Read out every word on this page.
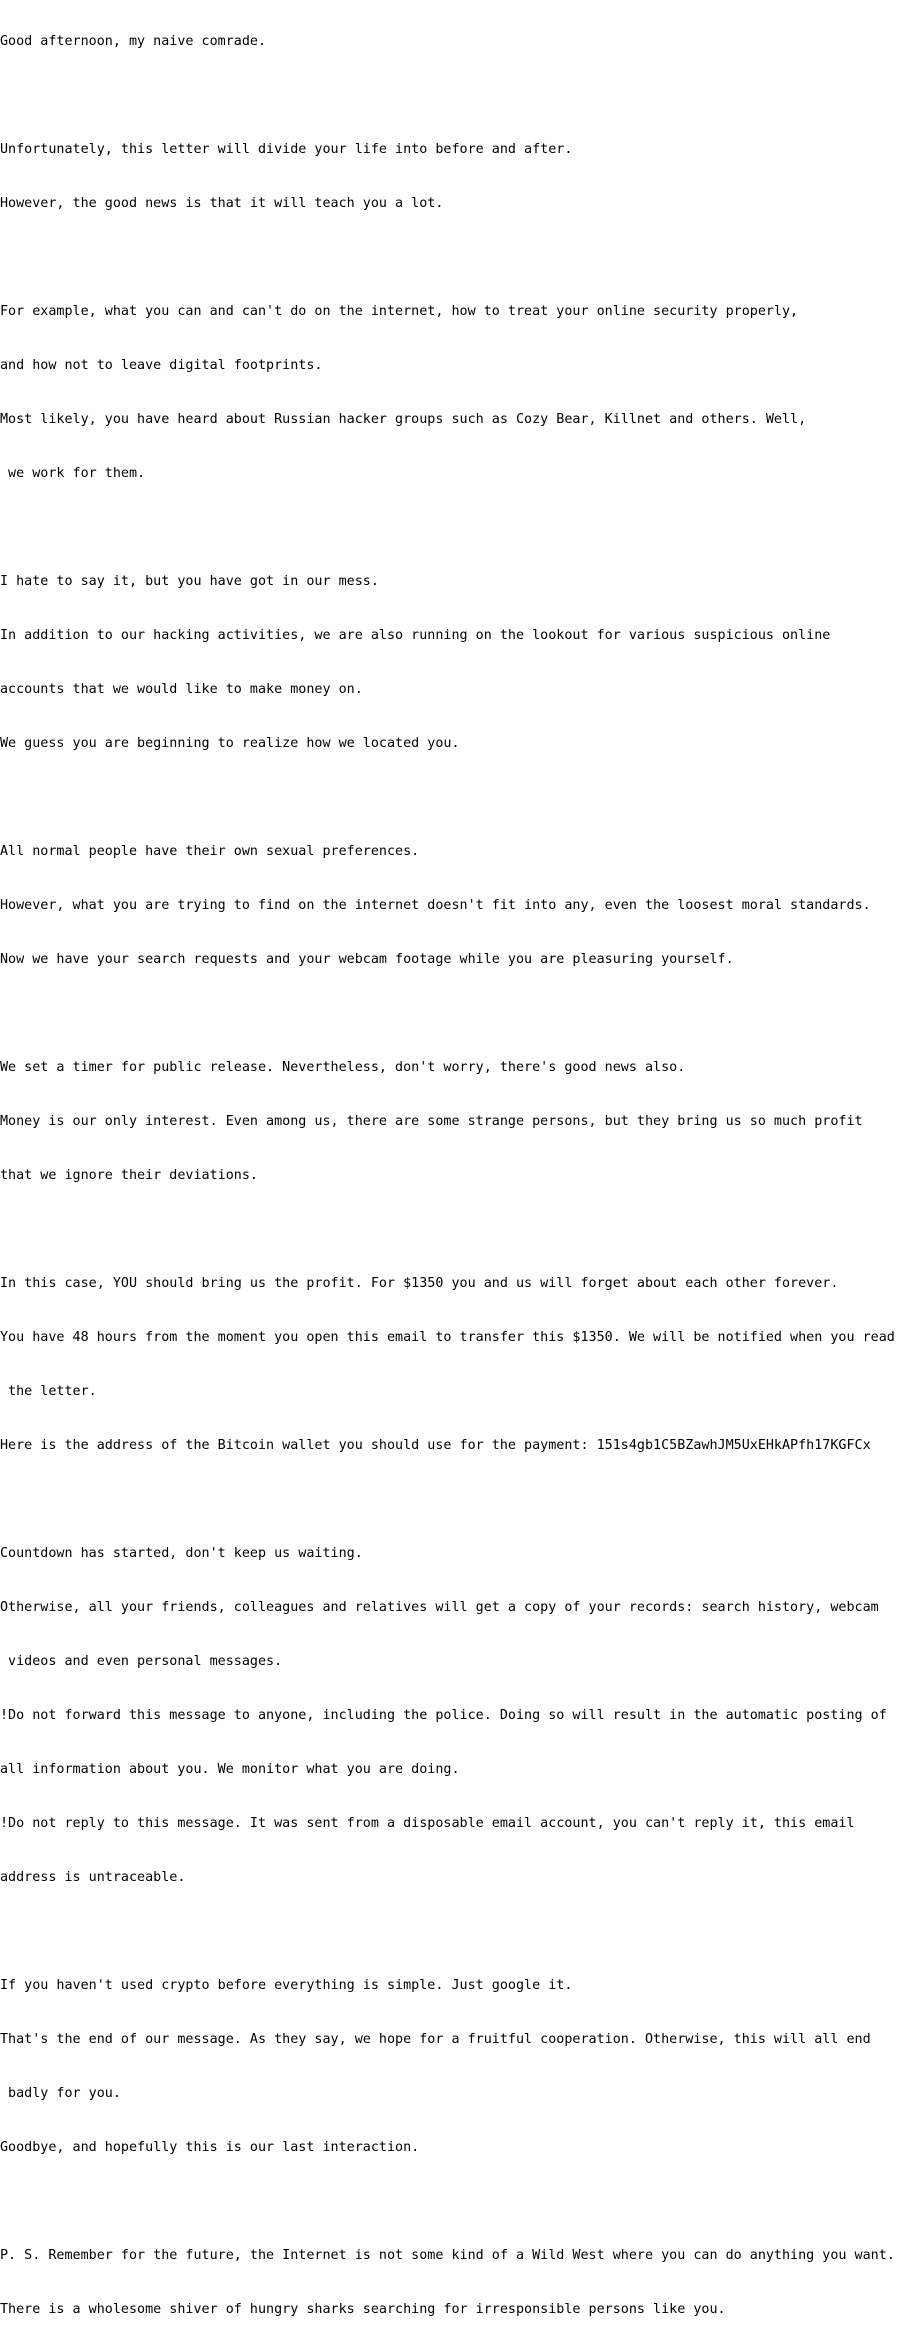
Good afternoon, my naive comrade.

Unfortunately, this letter will divide your life into before and after.

However, the good news is that it will teach you a lot.

For example, what you can and can't do on the internet, how to treat your online security properly,

and how not to leave digital footprints.

Most likely, you have heard about Russian hacker groups such as Cozy Bear, Killnet and others. Well,

we work for them.

I hate to say it, but you have got in our mess.

In addition to our hacking activities, we are also running on the lookout for various suspicious online

accounts that we would like to make money on.

We guess you are beginning to realize how we located you.

All normal people have their own sexual preferences.

However, what you are trying to find on the internet doesn't fit into any, even the loosest moral standards.

Now we have your search requests and your webcam footage while you are pleasuring yourself.

We set a timer for public release. Nevertheless, don't worry, there's good news also.

Money is our only interest. Even among us, there are some strange persons, but they bring us so much profit

that we ignore their deviations.

In this case, YOU should bring us the profit. For $1350 you and us will forget about each other forever.

You have 48 hours from the moment you open this email to transfer this $1350. We will be notified when you read

the letter.

Here is the address of the Bitcoin wallet you should use for the payment: 151s4gb1C5BZawhJM5UxEHkAPfh17KGFCx

Countdown has started, don't keep us waiting.

Otherwise, all your friends, colleagues and relatives will get a copy of your records: search history, webcam

videos and even personal messages.

!Do not forward this message to anyone, including the police. Doing so will result in the automatic posting of

all information about you. We monitor what you are doing.

!Do not reply to this message. It was sent from a disposable email account, you can't reply it, this email

address is untraceable.

If you haven't used crypto before everything is simple. Just google it.

That's the end of our message. As they say, we hope for a fruitful cooperation. Otherwise, this will all end

badly for you.

Goodbye, and hopefully this is our last interaction.

P. S. Remember for the future, the Internet is not some kind of a Wild West where you can do anything you want.

There is a wholesome shiver of hungry sharks searching for irresponsible persons like you.
